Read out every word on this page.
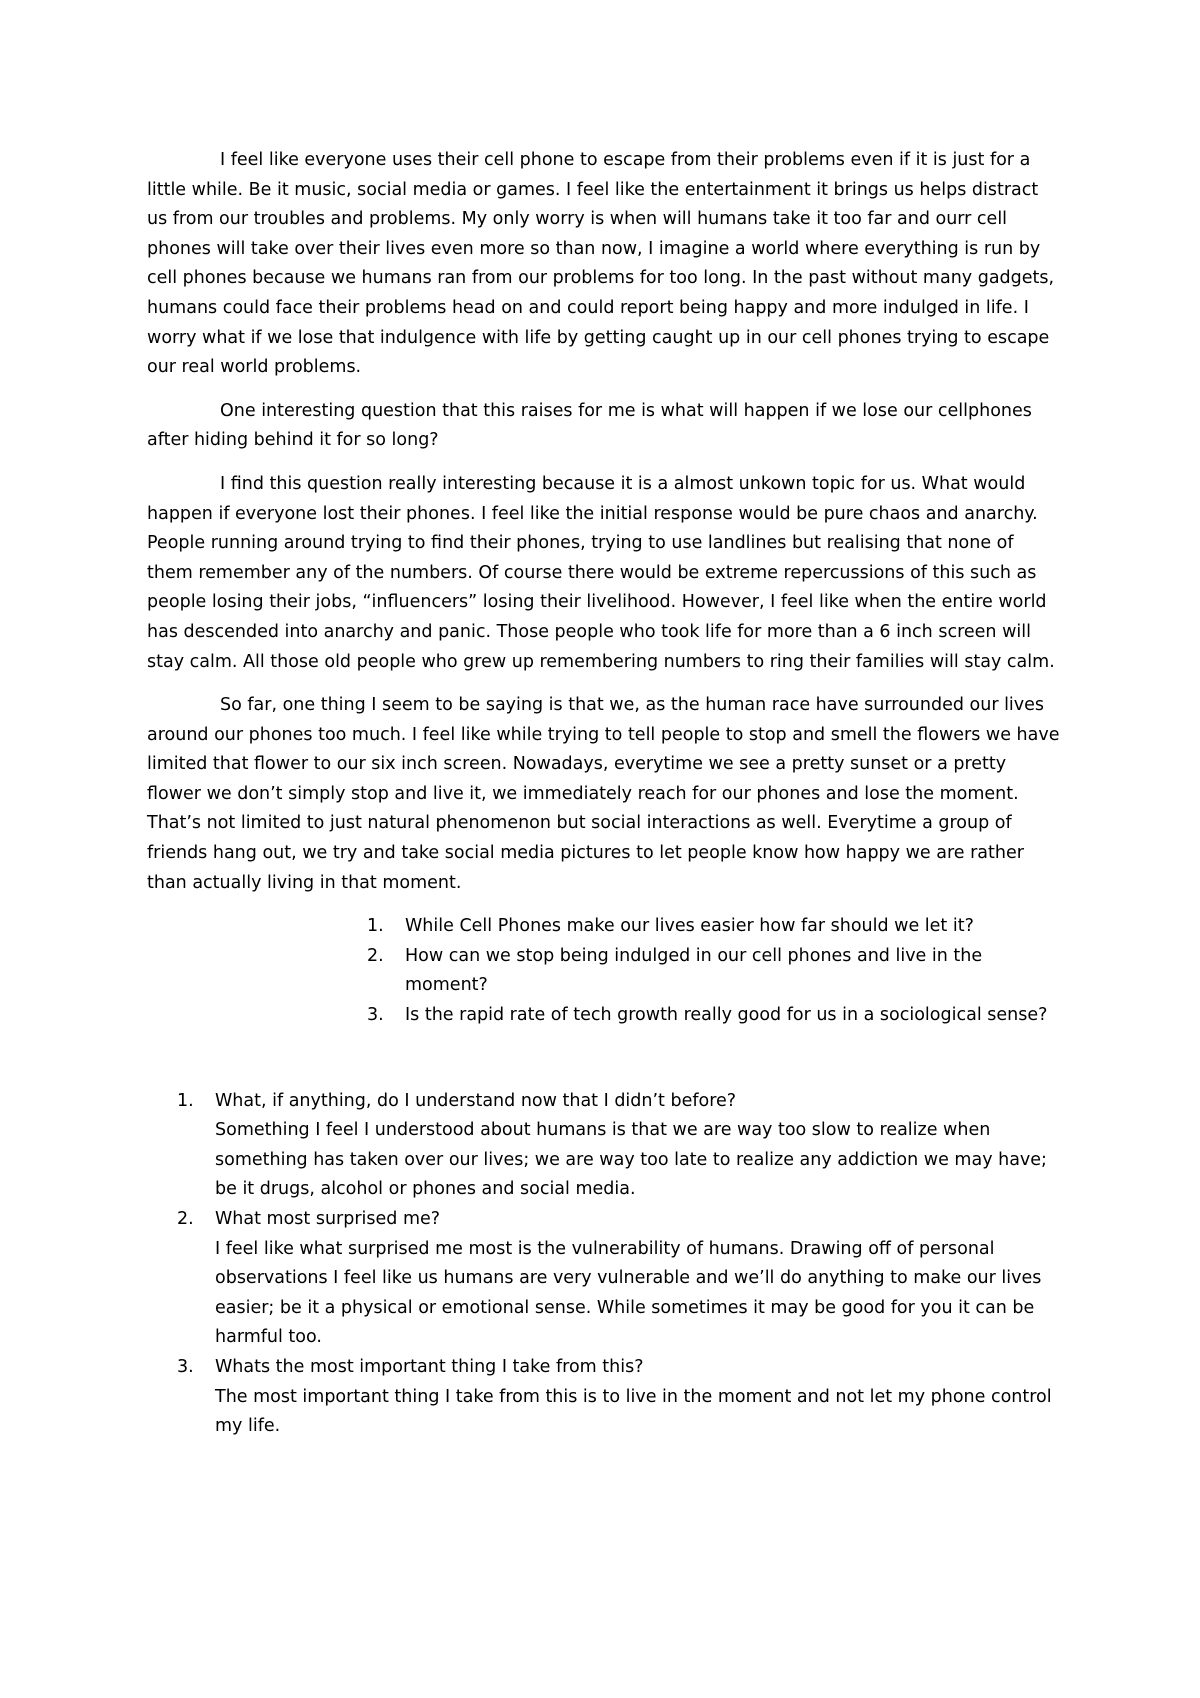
I feel like everyone uses their cell phone to escape from their problems even if it is just for a little while. Be it music, social media or games. I feel like the entertainment it brings us helps distract us from our troubles and problems. My only worry is when will humans take it too far and ourr cell phones will take over their lives even more so than now, I imagine a world where everything is run by cell phones because we humans ran from our problems for too long. In the past without many gadgets, humans could face their problems head on and could report being happy and more indulged in life. I worry what if we lose that indulgence with life by getting caught up in our cell phones trying to escape our real world problems.

One interesting question that this raises for me is what will happen if we lose our cellphones after hiding behind it for so long?

I find this question really interesting because it is a almost unkown topic for us. What would happen if everyone lost their phones. I feel like the initial response would be pure chaos and anarchy. People running around trying to find their phones, trying to use landlines but realising that none of them remember any of the numbers. Of course there would be extreme repercussions of this such as people losing their jobs, “influencers” losing their livelihood. However, I feel like when the entire world has descended into anarchy and panic. Those people who took life for more than a 6 inch screen will stay calm. All those old people who grew up remembering numbers to ring their families will stay calm.

So far, one thing I seem to be saying is that we, as the human race have surrounded our lives around our phones too much. I feel like while trying to tell people to stop and smell the flowers we have limited that flower to our six inch screen. Nowadays, everytime we see a pretty sunset or a pretty flower we don’t simply stop and live it, we immediately reach for our phones and lose the moment. That’s not limited to just natural phenomenon but social interactions as well. Everytime a group of friends hang out, we try and take social media pictures to let people know how happy we are rather than actually living in that moment.

1. While Cell Phones make our lives easier how far should we let it?
2. How can we stop being indulged in our cell phones and live in the moment?
3. Is the rapid rate of tech growth really good for us in a sociological sense?
1. What, if anything, do I understand now that I didn’t before?
Something I feel I understood about humans is that we are way too slow to realize when something has taken over our lives; we are way too late to realize any addiction we may have; be it drugs, alcohol or phones and social media.
2. What most surprised me?
I feel like what surprised me most is the vulnerability of humans. Drawing off of personal observations I feel like us humans are very vulnerable and we’ll do anything to make our lives easier; be it a physical or emotional sense. While sometimes it may be good for you it can be harmful too.
3. Whats the most important thing I take from this?
The most important thing I take from this is to live in the moment and not let my phone control my life.
